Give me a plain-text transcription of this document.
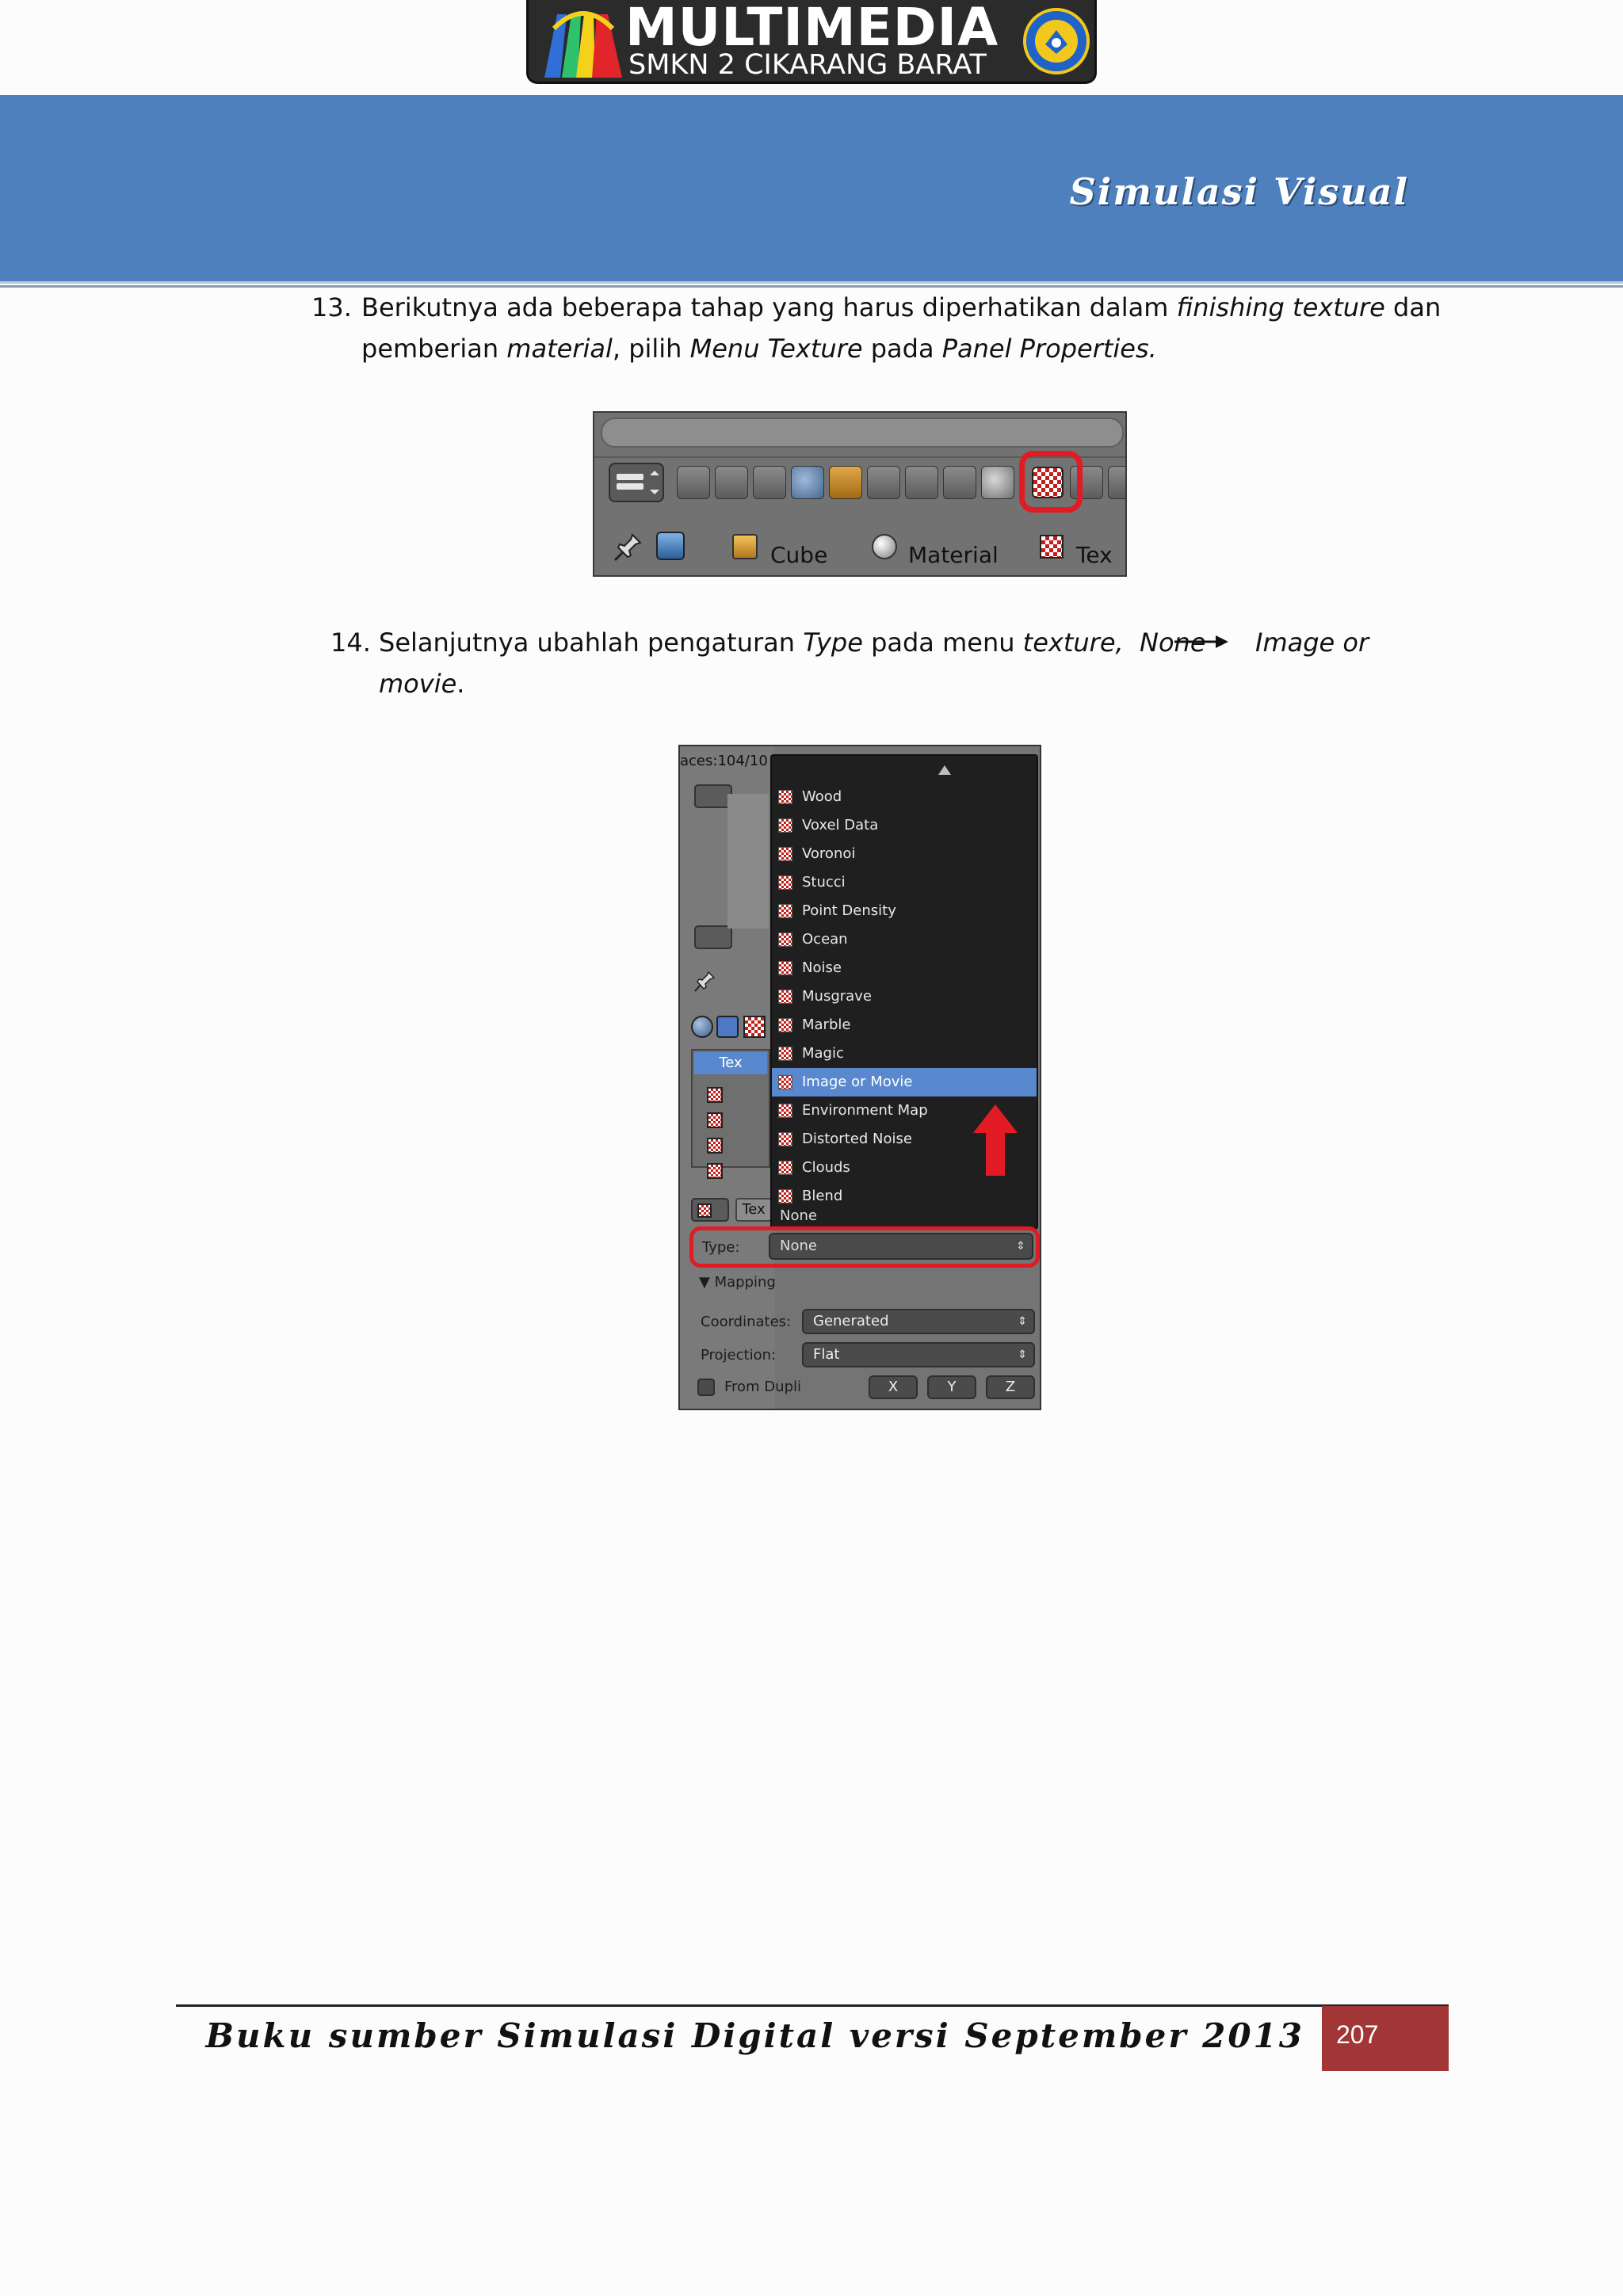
MULTIMEDIA
SMKN 2 CIKARANG BARAT
Simulasi Visual
13. Berikutnya ada beberapa tahap yang harus diperhatikan dalam finishing texture dan
pemberian material, pilih Menu Texture pada Panel Properties.
Cube	Material	Tex
14. Selanjutnya ubahlah pengaturan Type pada menu texture, None Image or
movie.
aces:104/10
Tex
Tex
Wood
Voxel Data
Voronoi
Stucci
Point Density
Ocean
Noise
Musgrave
Marble
Magic
Image or Movie
Environment Map
Distorted Noise
Clouds
Blend
None
Type:	None	⇕
▼ Mapping
Coordinates:	Generated	⇕
Projection:	Flat	⇕
From Dupli	X	Y	Z
Buku sumber Simulasi Digital versi September 2013 207
